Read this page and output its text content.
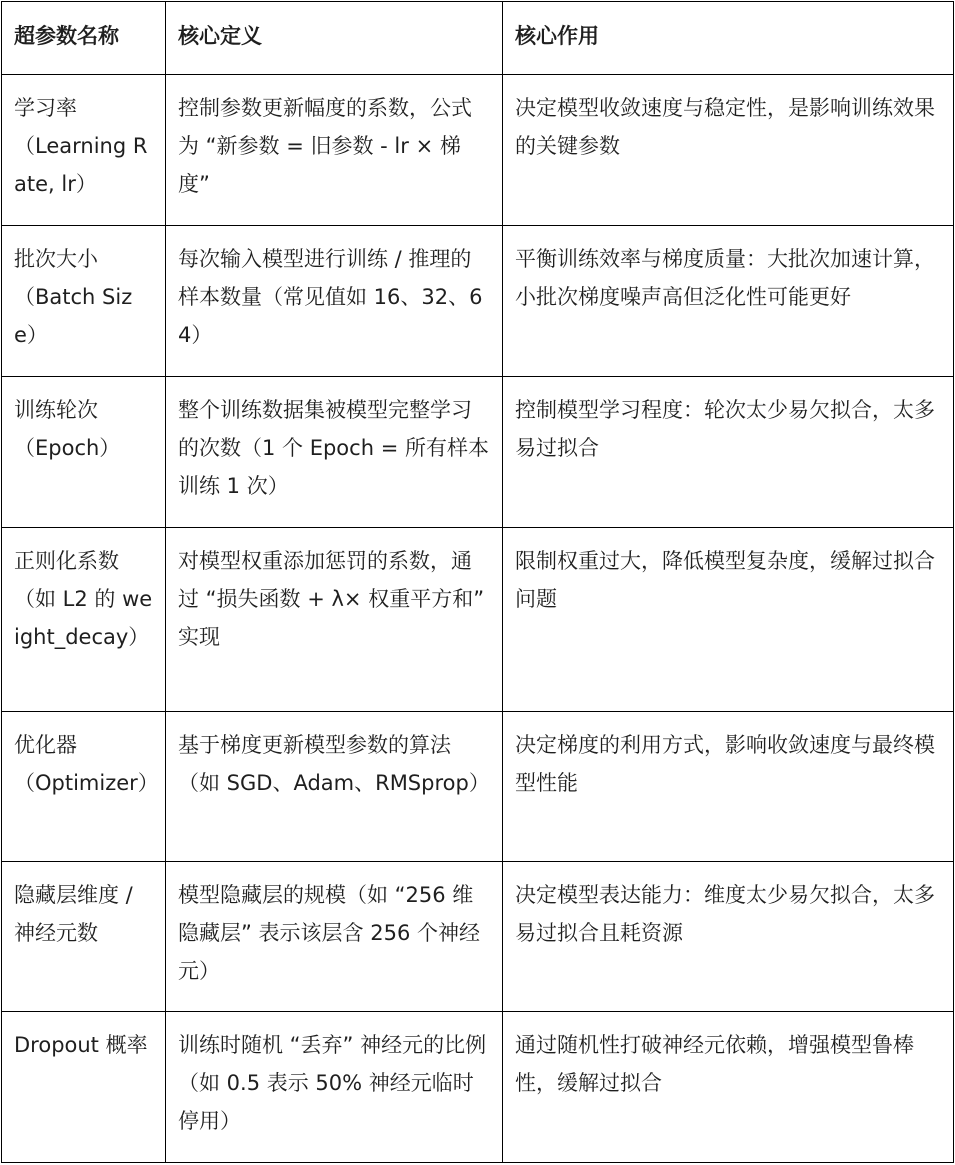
超参数名称	核心定义	核心作用
学习率
（Learning Rate, lr）	控制参数更新幅度的系数，公式为 “新参数 = 旧参数 - lr × 梯度”	决定模型收敛速度与稳定性，是影响训练效果的关键参数
批次大小
（Batch Size）	每次输入模型进行训练 / 推理的样本数量（常见值如 16、32、64）	平衡训练效率与梯度质量：大批次加速计算，小批次梯度噪声高但泛化性可能更好
训练轮次
（Epoch）	整个训练数据集被模型完整学习的次数（1 个 Epoch = 所有样本训练 1 次）	控制模型学习程度：轮次太少易欠拟合，太多易过拟合
正则化系数
（如 L2 的 weight_decay）	对模型权重添加惩罚的系数，通过 “损失函数 + λ× 权重平方和” 实现	限制权重过大，降低模型复杂度，缓解过拟合问题
优化器
（Optimizer）	基于梯度更新模型参数的算法（如 SGD、Adam、RMSprop）	决定梯度的利用方式，影响收敛速度与最终模型性能
隐藏层维度 / 神经元数	模型隐藏层的规模（如 “256 维隐藏层” 表示该层含 256 个神经元）	决定模型表达能力：维度太少易欠拟合，太多易过拟合且耗资源
Dropout 概率	训练时随机 “丢弃” 神经元的比例（如 0.5 表示 50% 神经元临时停用）	通过随机性打破神经元依赖，增强模型鲁棒性，缓解过拟合
